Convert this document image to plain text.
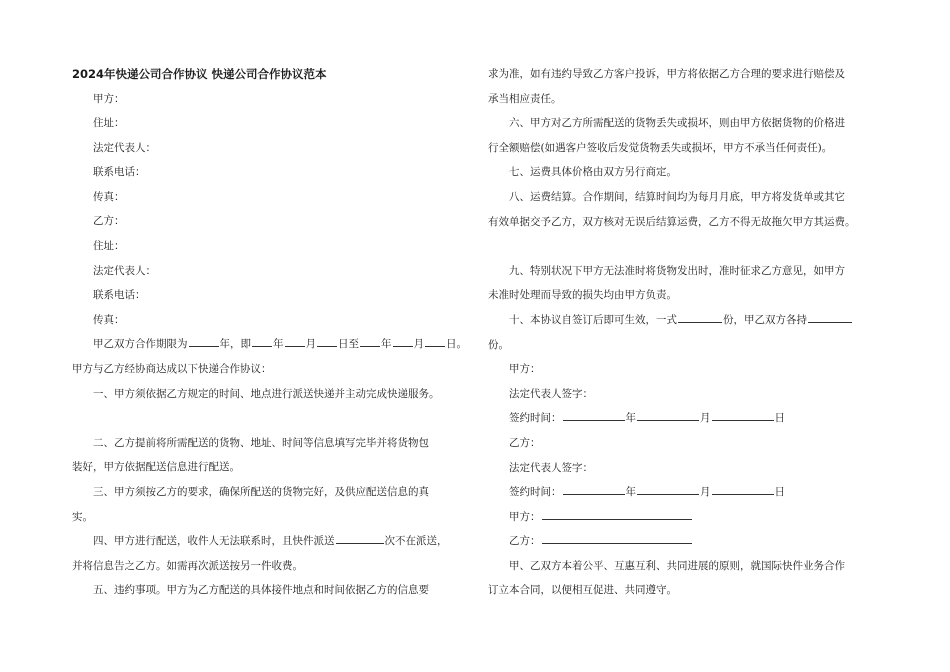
2024年快递公司合作协议 快递公司合作协议范本
甲方：
住址：
法定代表人：
联系电话：
传真：
乙方：
住址：
法定代表人：
联系电话：
传真：
甲乙双方合作期限为	年，即 年 月 日至 年 月 日。
甲方与乙方经协商达成以下快递合作协议：
一、甲方须依据乙方规定的时间、地点进行派送快递并主动完成快递服务。
二、乙方提前将所需配送的货物、地址、时间等信息填写完毕并将货物包
装好，甲方依据配送信息进行配送。
三、甲方须按乙方的要求，确保所配送的货物完好，及供应配送信息的真
实。
四、甲方进行配送，收件人无法联系时，且快件派送	次不在派送，
并将信息告之乙方。如需再次派送按另一件收费。
五、违约事项。甲方为乙方配送的具体接件地点和时间依据乙方的信息要
求为准，如有违约导致乙方客户投诉，甲方将依据乙方合理的要求进行赔偿及
承当相应责任。
六、甲方对乙方所需配送的货物丢失或损坏，则由甲方依据货物的价格进
行全额赔偿(如遇客户签收后发觉货物丢失或损坏，甲方不承当任何责任)。
七、运费具体价格由双方另行商定。
八、运费结算。合作期间，结算时间均为每月月底，甲方将发货单或其它
有效单据交予乙方，双方核对无误后结算运费，乙方不得无故拖欠甲方其运费。
九、特别状况下甲方无法准时将货物发出时，准时征求乙方意见，如甲方
未准时处理而导致的损失均由甲方负责。
十、本协议自签订后即可生效，一式	份，甲乙双方各持
份。
甲方：
法定代表人签字：
签约时间：	年	月	日
乙方：
法定代表人签字：
签约时间：	年	月	日
甲方：
乙方：
甲、乙双方本着公平、互惠互利、共同进展的原则，就国际快件业务合作
订立本合同，以便相互促进、共同遵守。
